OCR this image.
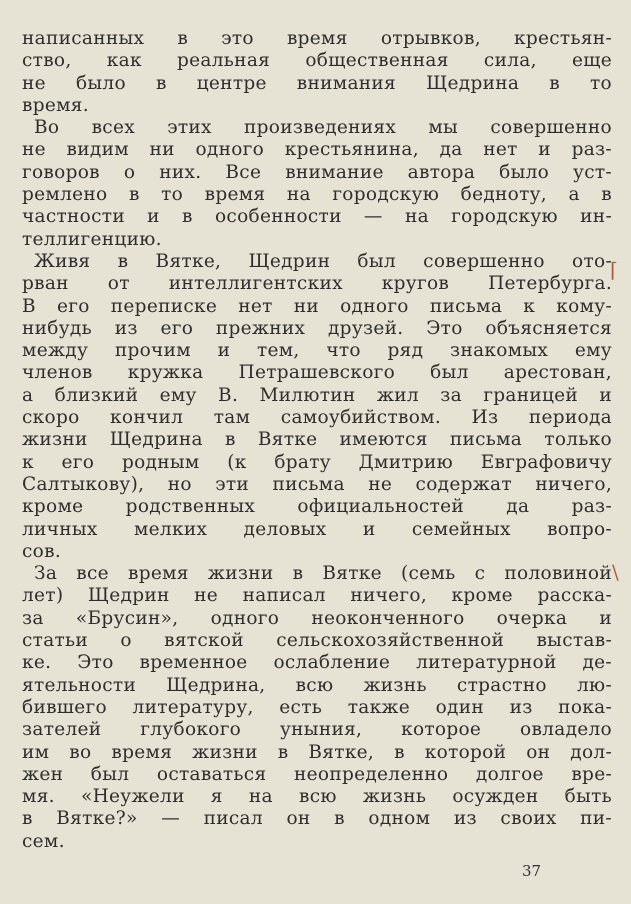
написанных в это время отрывков, крестьян-
ство, как реальная общественная сила, еще
не было в центре внимания Щедрина в то
время.
Во всех этих произведениях мы совершенно
не видим ни одного крестьянина, да нет и раз-
говоров о них. Все внимание автора было уст-
ремлено в то время на городскую бедноту, а в
частности и в особенности — на городскую ин-
теллигенцию.
Живя в Вятке, Щедрин был совершенно ото-
рван от интеллигентских кругов Петербурга.
В его переписке нет ни одного письма к кому-
нибудь из его прежних друзей. Это объясняется
между прочим и тем, что ряд знакомых ему
членов кружка Петрашевского был арестован,
а близкий ему В. Милютин жил за границей и
скоро кончил там самоубийством. Из периода
жизни Щедрина в Вятке имеются письма только
к его родным (к брату Дмитрию Евграфовичу
Салтыкову), но эти письма не содержат ничего,
кроме родственных официальностей да раз-
личных мелких деловых и семейных вопро-
сов.
За все время жизни в Вятке (семь с половиной
лет) Щедрин не написал ничего, кроме расска-
за «Брусин», одного неоконченного очерка и
статьи о вятской сельскохозяйственной выстав-
ке. Это временное ослабление литературной де-
ятельности Щедрина, всю жизнь страстно лю-
бившего литературу, есть также один из пока-
зателей глубокого уныния, которое овладело
им во время жизни в Вятке, в которой он дол-
жен был оставаться неопределенно долгое вре-
мя. «Неужели я на всю жизнь осужден быть
в Вятке?» — писал он в одном из своих пи-
сем.
37
⌈
\
